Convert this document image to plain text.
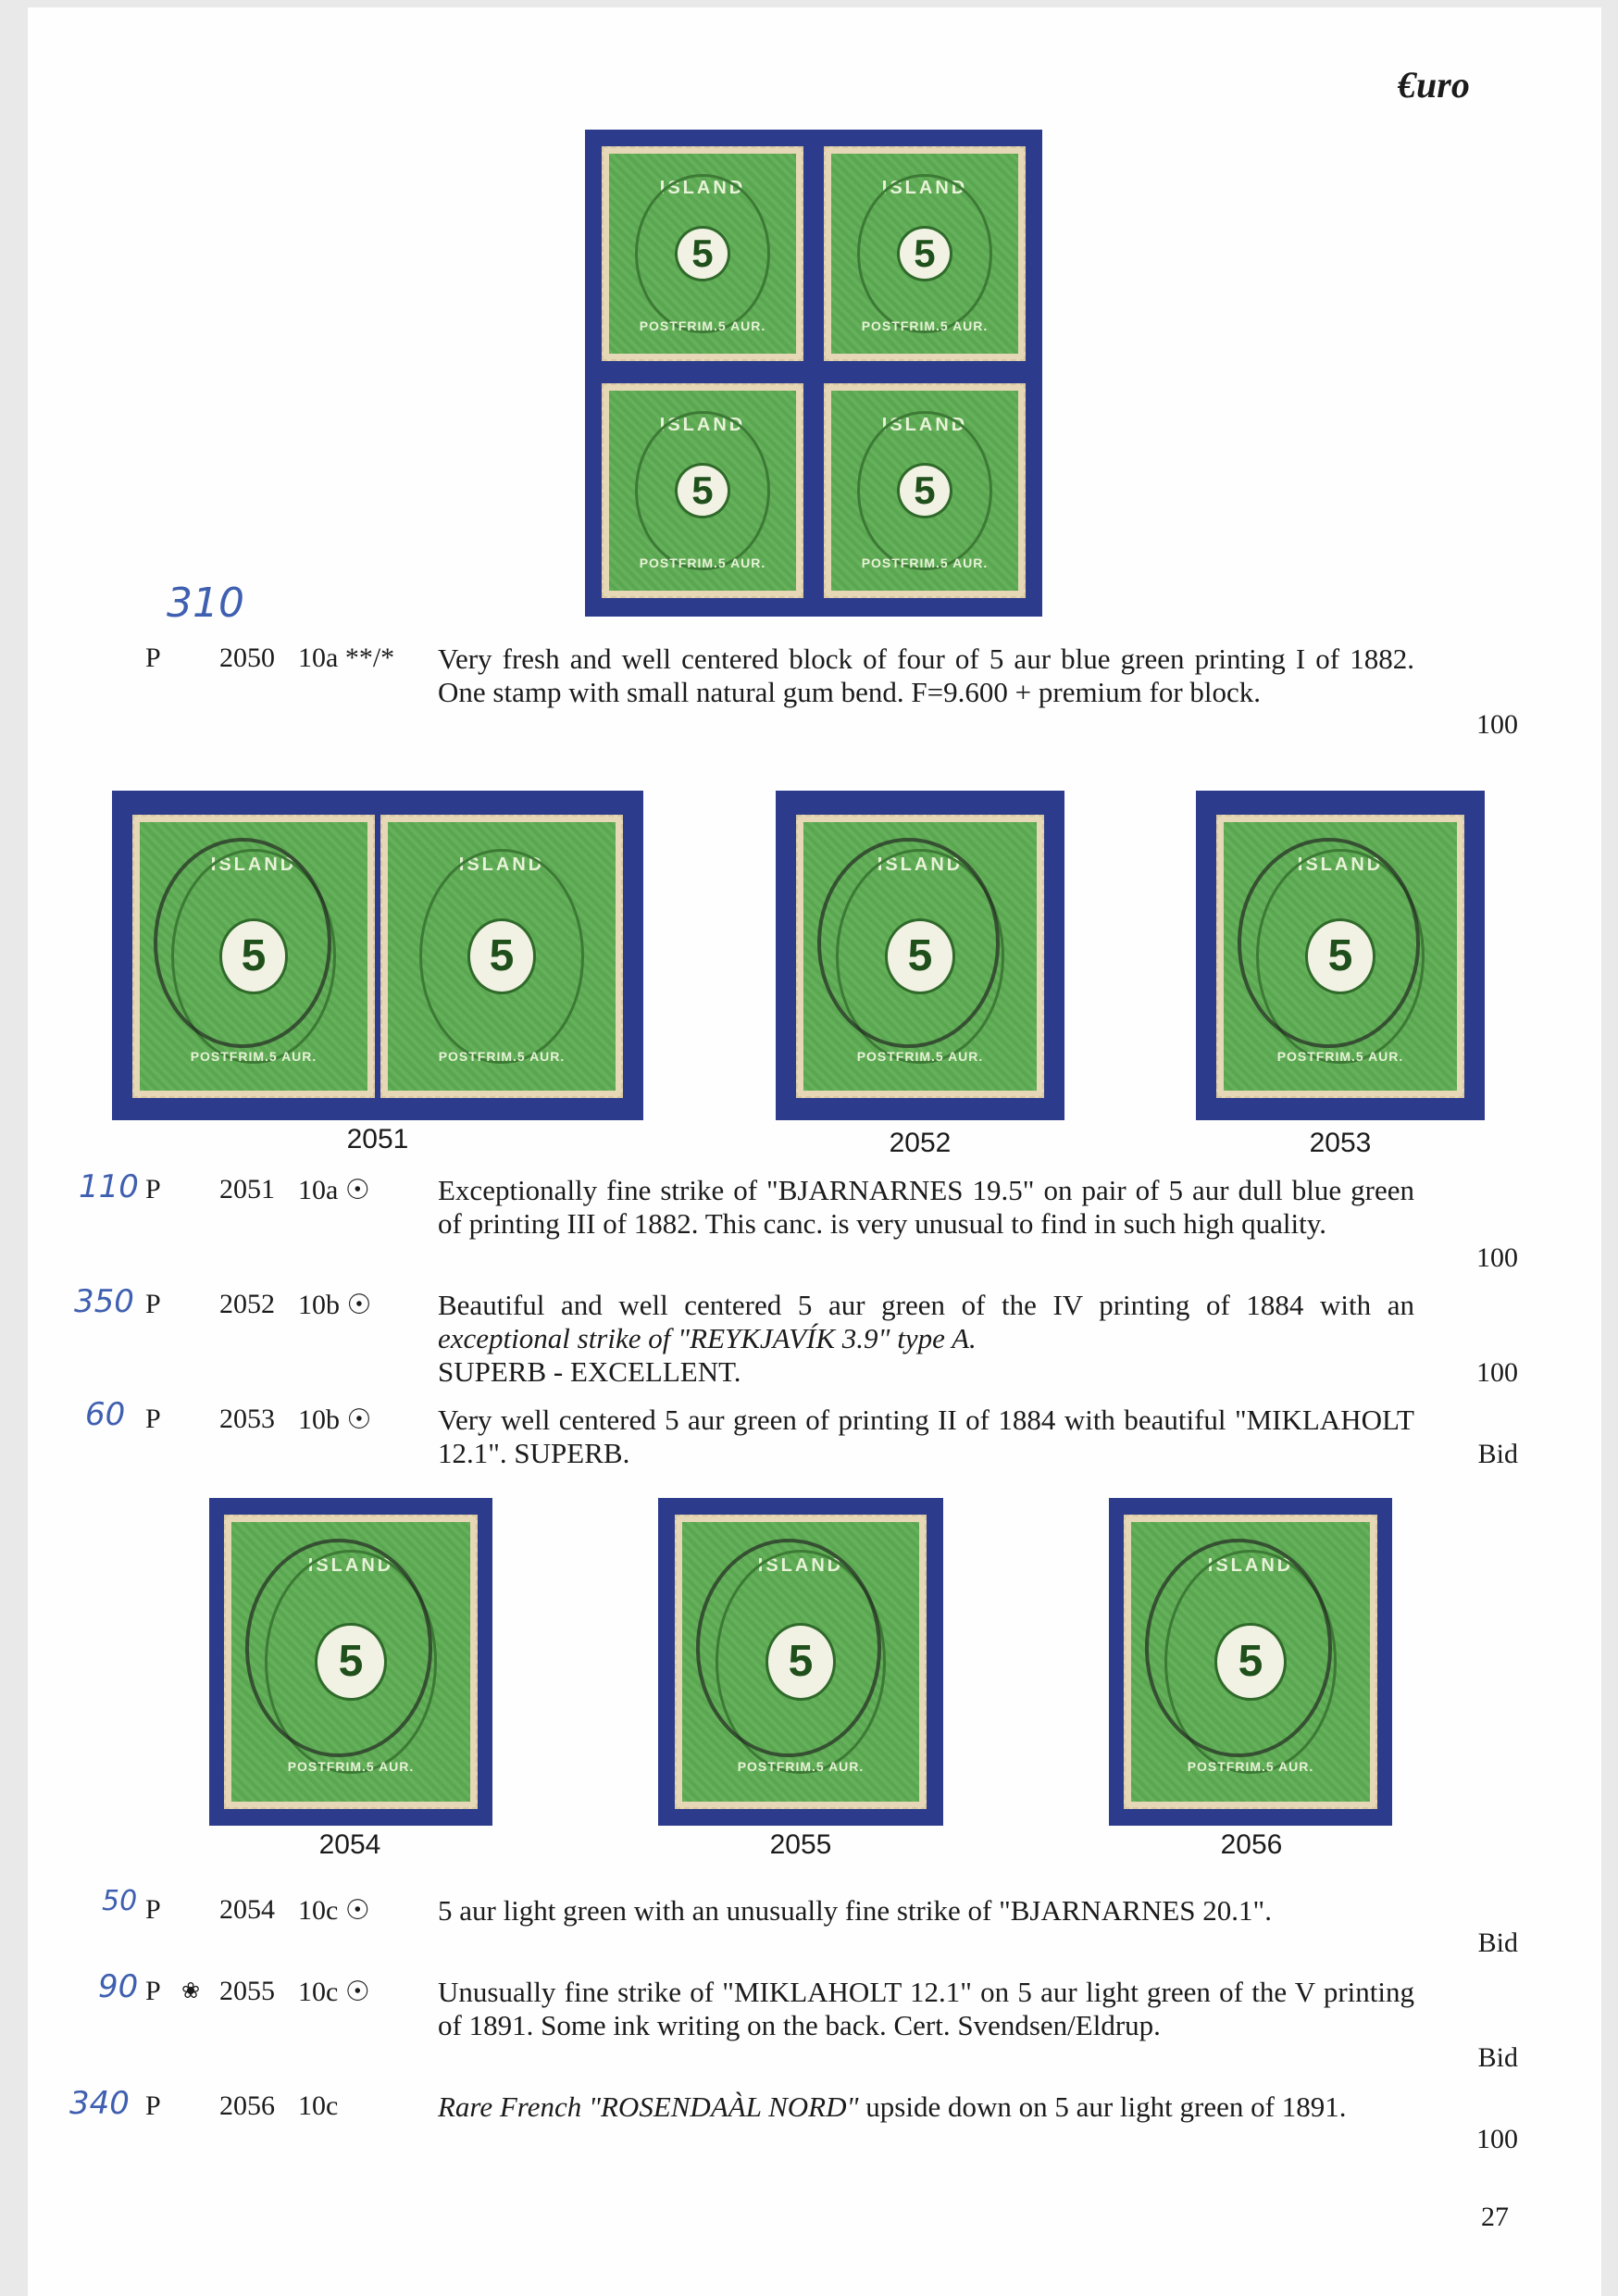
€uro
ISLAND
5
POSTFRIM.5 AUR.
ISLAND
5
POSTFRIM.5 AUR.
ISLAND
5
POSTFRIM.5 AUR.
ISLAND
5
POSTFRIM.5 AUR.
310
P 2050 10a **/* Very fresh and well centered block of four of 5 aur blue green printing I of 1882. One stamp with small natural gum bend. F=9.600 + premium for block.
100
ISLAND
5
POSTFRIM.5 AUR.
ISLAND
5
POSTFRIM.5 AUR.
ISLAND
5
POSTFRIM.5 AUR.
ISLAND
5
POSTFRIM.5 AUR.
2051	2052	2053
110 P 2051 10a ☉ Exceptionally fine strike of "BJARNARNES 19.5" on pair of 5 aur dull blue green of printing III of 1882. This canc. is very unusual to find in such high quality.
100
350 P 2052 10b ☉ Beautiful and well centered 5 aur green of the IV printing of 1884 with an exceptional strike of "REYKJAVÍK 3.9" type A.
SUPERB - EXCELLENT.	100
60 P 2053 10b ☉ Very well centered 5 aur green of printing II of 1884 with beautiful "MIKLAHOLT 12.1". SUPERB.	Bid
ISLAND
5
POSTFRIM.5 AUR.
ISLAND
5
POSTFRIM.5 AUR.
ISLAND
5
POSTFRIM.5 AUR.
2054	2055	2056
50 P 2054 10c ☉ 5 aur light green with an unusually fine strike of "BJARNARNES 20.1".
Bid
90 P ❀ 2055 10c ☉ Unusually fine strike of "MIKLAHOLT 12.1" on 5 aur light green of the V printing of 1891. Some ink writing on the back. Cert. Svendsen/Eldrup.
Bid
340 P 2056 10c	Rare French "ROSENDAÀL NORD" upside down on 5 aur light green of 1891.
100
27
